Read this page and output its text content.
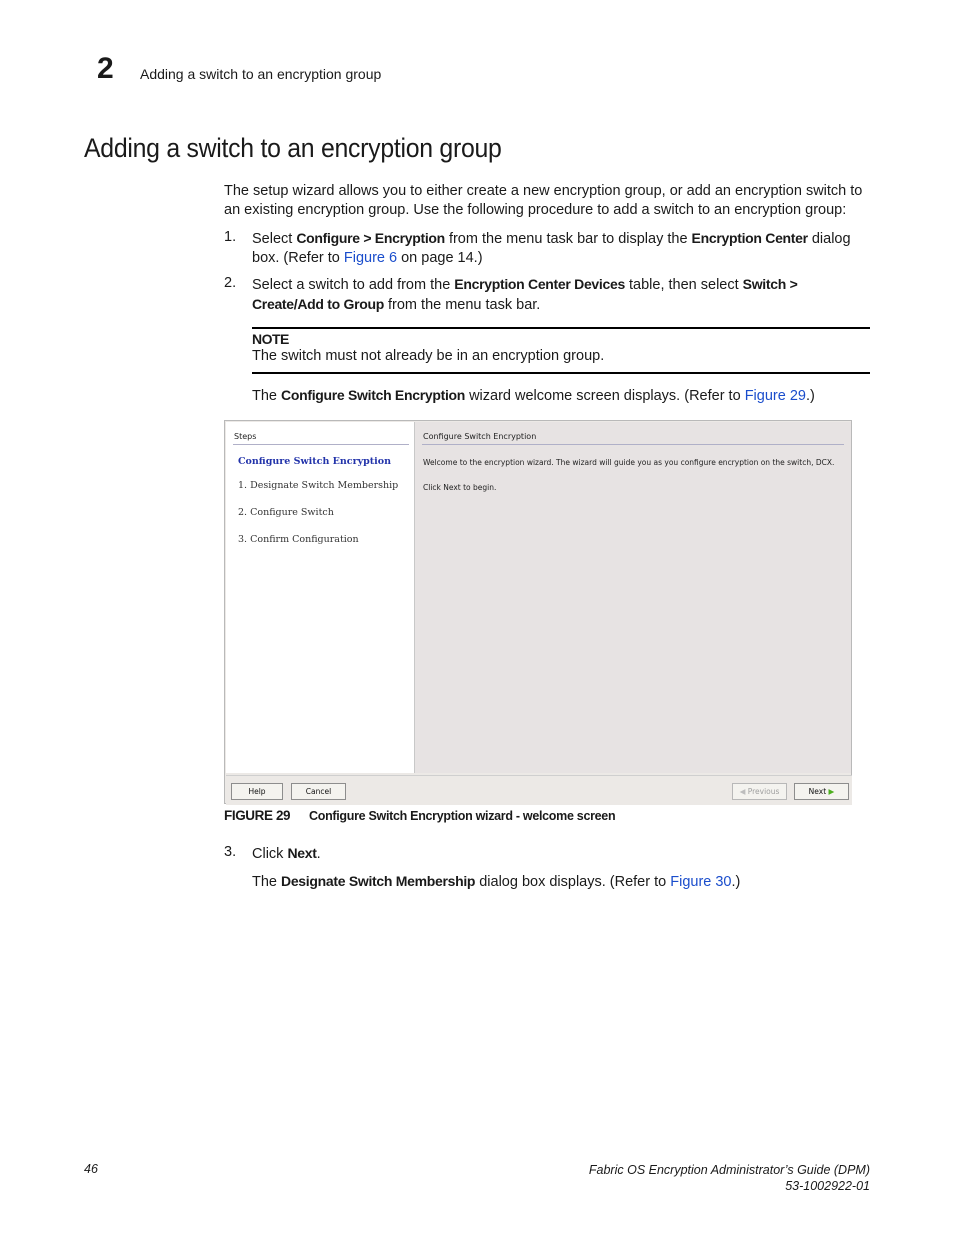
2 Adding a switch to an encryption group
Adding a switch to an encryption group
The setup wizard allows you to either create a new encryption group, or add an encryption switch to an existing encryption group. Use the following procedure to add a switch to an encryption group:
1. Select Configure > Encryption from the menu task bar to display the Encryption Center dialog box. (Refer to Figure 6 on page 14.)
2. Select a switch to add from the Encryption Center Devices table, then select Switch > Create/Add to Group from the menu task bar.
NOTE
The switch must not already be in an encryption group.
The Configure Switch Encryption wizard welcome screen displays. (Refer to Figure 29.)
Steps
Configure Switch Encryption
1. Designate Switch Membership
2. Configure Switch
3. Confirm Configuration
Configure Switch Encryption
Welcome to the encryption wizard. The wizard will guide you as you configure encryption on the switch, DCX.
Click Next to begin.
Help	Cancel	◀ Previous	Next ▶
FIGURE 29 Configure Switch Encryption wizard - welcome screen
3. Click Next.
The Designate Switch Membership dialog box displays. (Refer to Figure 30.)
46	Fabric OS Encryption Administrator’s Guide (DPM)
53-1002922-01
